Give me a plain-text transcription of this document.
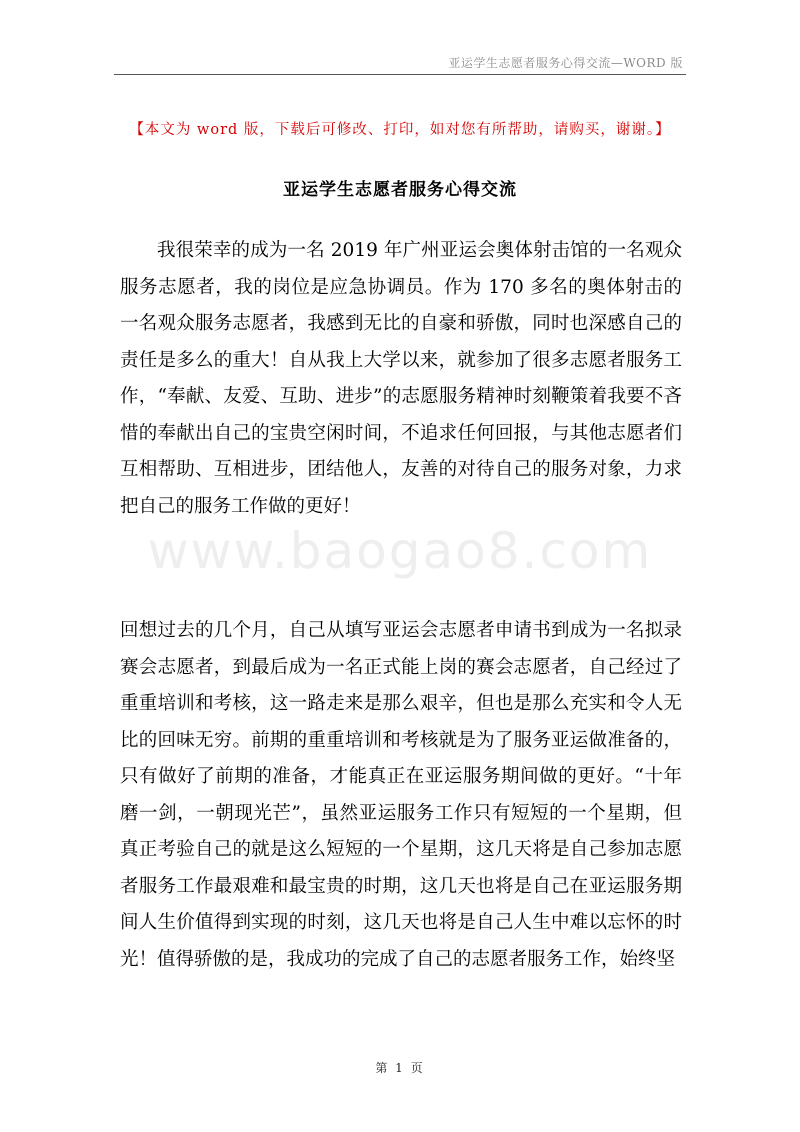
亚运学生志愿者服务心得交流—WORD 版
【本文为 word 版，下载后可修改、打印，如对您有所帮助，请购买，谢谢。】
亚运学生志愿者服务心得交流

我很荣幸的成为一名 2019 年广州亚运会奥体射击馆的一名观众服务志愿者，我的岗位是应急协调员。作为 170 多名的奥体射击的一名观众服务志愿者，我感到无比的自豪和骄傲，同时也深感自己的责任是多么的重大！自从我上大学以来，就参加了很多志愿者服务工作，“奉献、友爱、互助、进步”的志愿服务精神时刻鞭策着我要不吝惜的奉献出自己的宝贵空闲时间，不追求任何回报，与其他志愿者们互相帮助、互相进步，团结他人，友善的对待自己的服务对象，力求把自己的服务工作做的更好！

www.baogao8.com

回想过去的几个月，自己从填写亚运会志愿者申请书到成为一名拟录赛会志愿者，到最后成为一名正式能上岗的赛会志愿者，自己经过了重重培训和考核，这一路走来是那么艰辛，但也是那么充实和令人无比的回味无穷。前期的重重培训和考核就是为了服务亚运做准备的，只有做好了前期的准备，才能真正在亚运服务期间做的更好。“十年磨一剑，一朝现光芒”，虽然亚运服务工作只有短短的一个星期，但真正考验自己的就是这么短短的一个星期，这几天将是自己参加志愿者服务工作最艰难和最宝贵的时期，这几天也将是自己在亚运服务期间人生价值得到实现的时刻，这几天也将是自己人生中难以忘怀的时光！值得骄傲的是，我成功的完成了自己的志愿者服务工作，始终坚

第 1 页
